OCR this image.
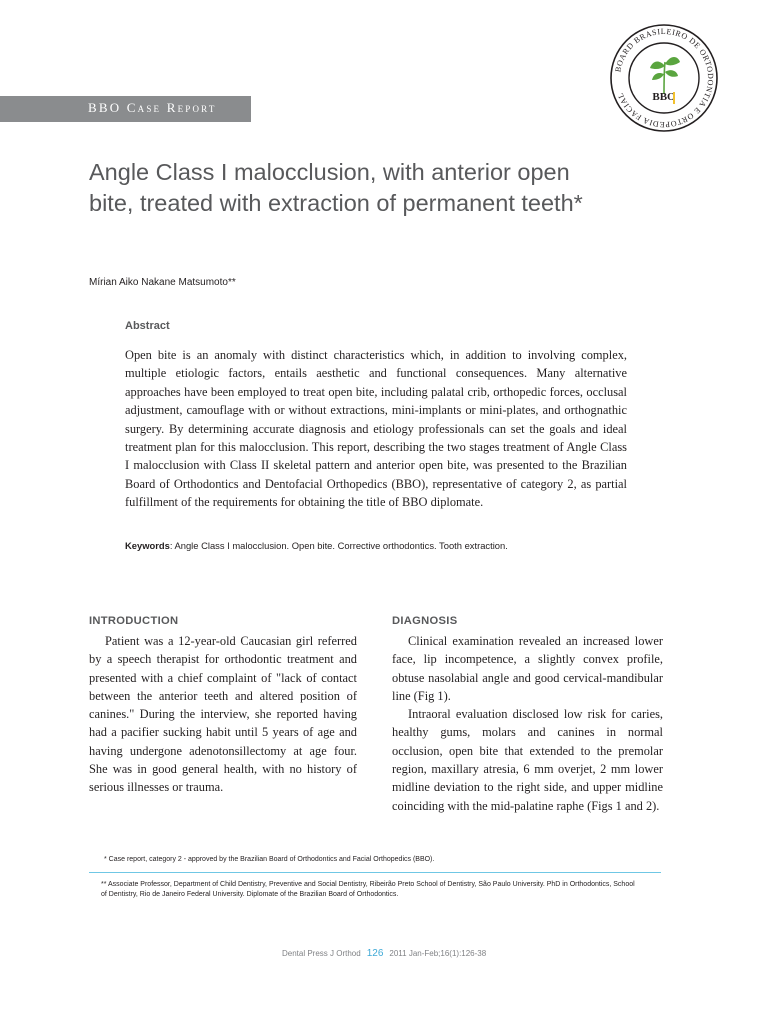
BBO Case Report
BOARD BRASILEIRO DE ORTODONTIA E ORTOPEDIA FACIAL	BBO
Angle Class I malocclusion, with anterior open bite, treated with extraction of permanent teeth*
Mírian Aiko Nakane Matsumoto**
Abstract

Open bite is an anomaly with distinct characteristics which, in addition to involving complex, multiple etiologic factors, entails aesthetic and functional consequences. Many alternative approaches have been employed to treat open bite, including palatal crib, orthopedic forces, occlusal adjustment, camouflage with or without extractions, mini-implants or mini-plates, and orthognathic surgery. By determining accurate diagnosis and etiology professionals can set the goals and ideal treatment plan for this malocclusion. This report, describing the two stages treatment of Angle Class I malocclusion with Class II skeletal pattern and anterior open bite, was presented to the Brazilian Board of Orthodontics and Dentofacial Orthopedics (BBO), representative of category 2, as partial fulfillment of the requirements for obtaining the title of BBO diplomate.

Keywords: Angle Class I malocclusion. Open bite. Corrective orthodontics. Tooth extraction.
INTRODUCTION

Patient was a 12-year-old Caucasian girl referred by a speech therapist for orthodontic treatment and presented with a chief complaint of "lack of contact between the anterior teeth and altered position of canines." During the interview, she reported having had a pacifier sucking habit until 5 years of age and having undergone adenotonsillectomy at age four. She was in good general health, with no history of serious illnesses or trauma.

DIAGNOSIS

Clinical examination revealed an increased lower face, lip incompetence, a slightly convex profile, obtuse nasolabial angle and good cervical-mandibular line (Fig 1).

Intraoral evaluation disclosed low risk for caries, healthy gums, molars and canines in normal occlusion, open bite that extended to the premolar region, maxillary atresia, 6 mm overjet, 2 mm lower midline deviation to the right side, and upper midline coinciding with the mid-palatine raphe (Figs 1 and 2).

* Case report, category 2 - approved by the Brazilian Board of Orthodontics and Facial Orthopedics (BBO).
** Associate Professor, Department of Child Dentistry, Preventive and Social Dentistry, Ribeirão Preto School of Dentistry, São Paulo University. PhD in Orthodontics, School of Dentistry, Rio de Janeiro Federal University. Diplomate of the Brazilian Board of Orthodontics.
Dental Press J Orthod 126 2011 Jan-Feb;16(1):126-38
